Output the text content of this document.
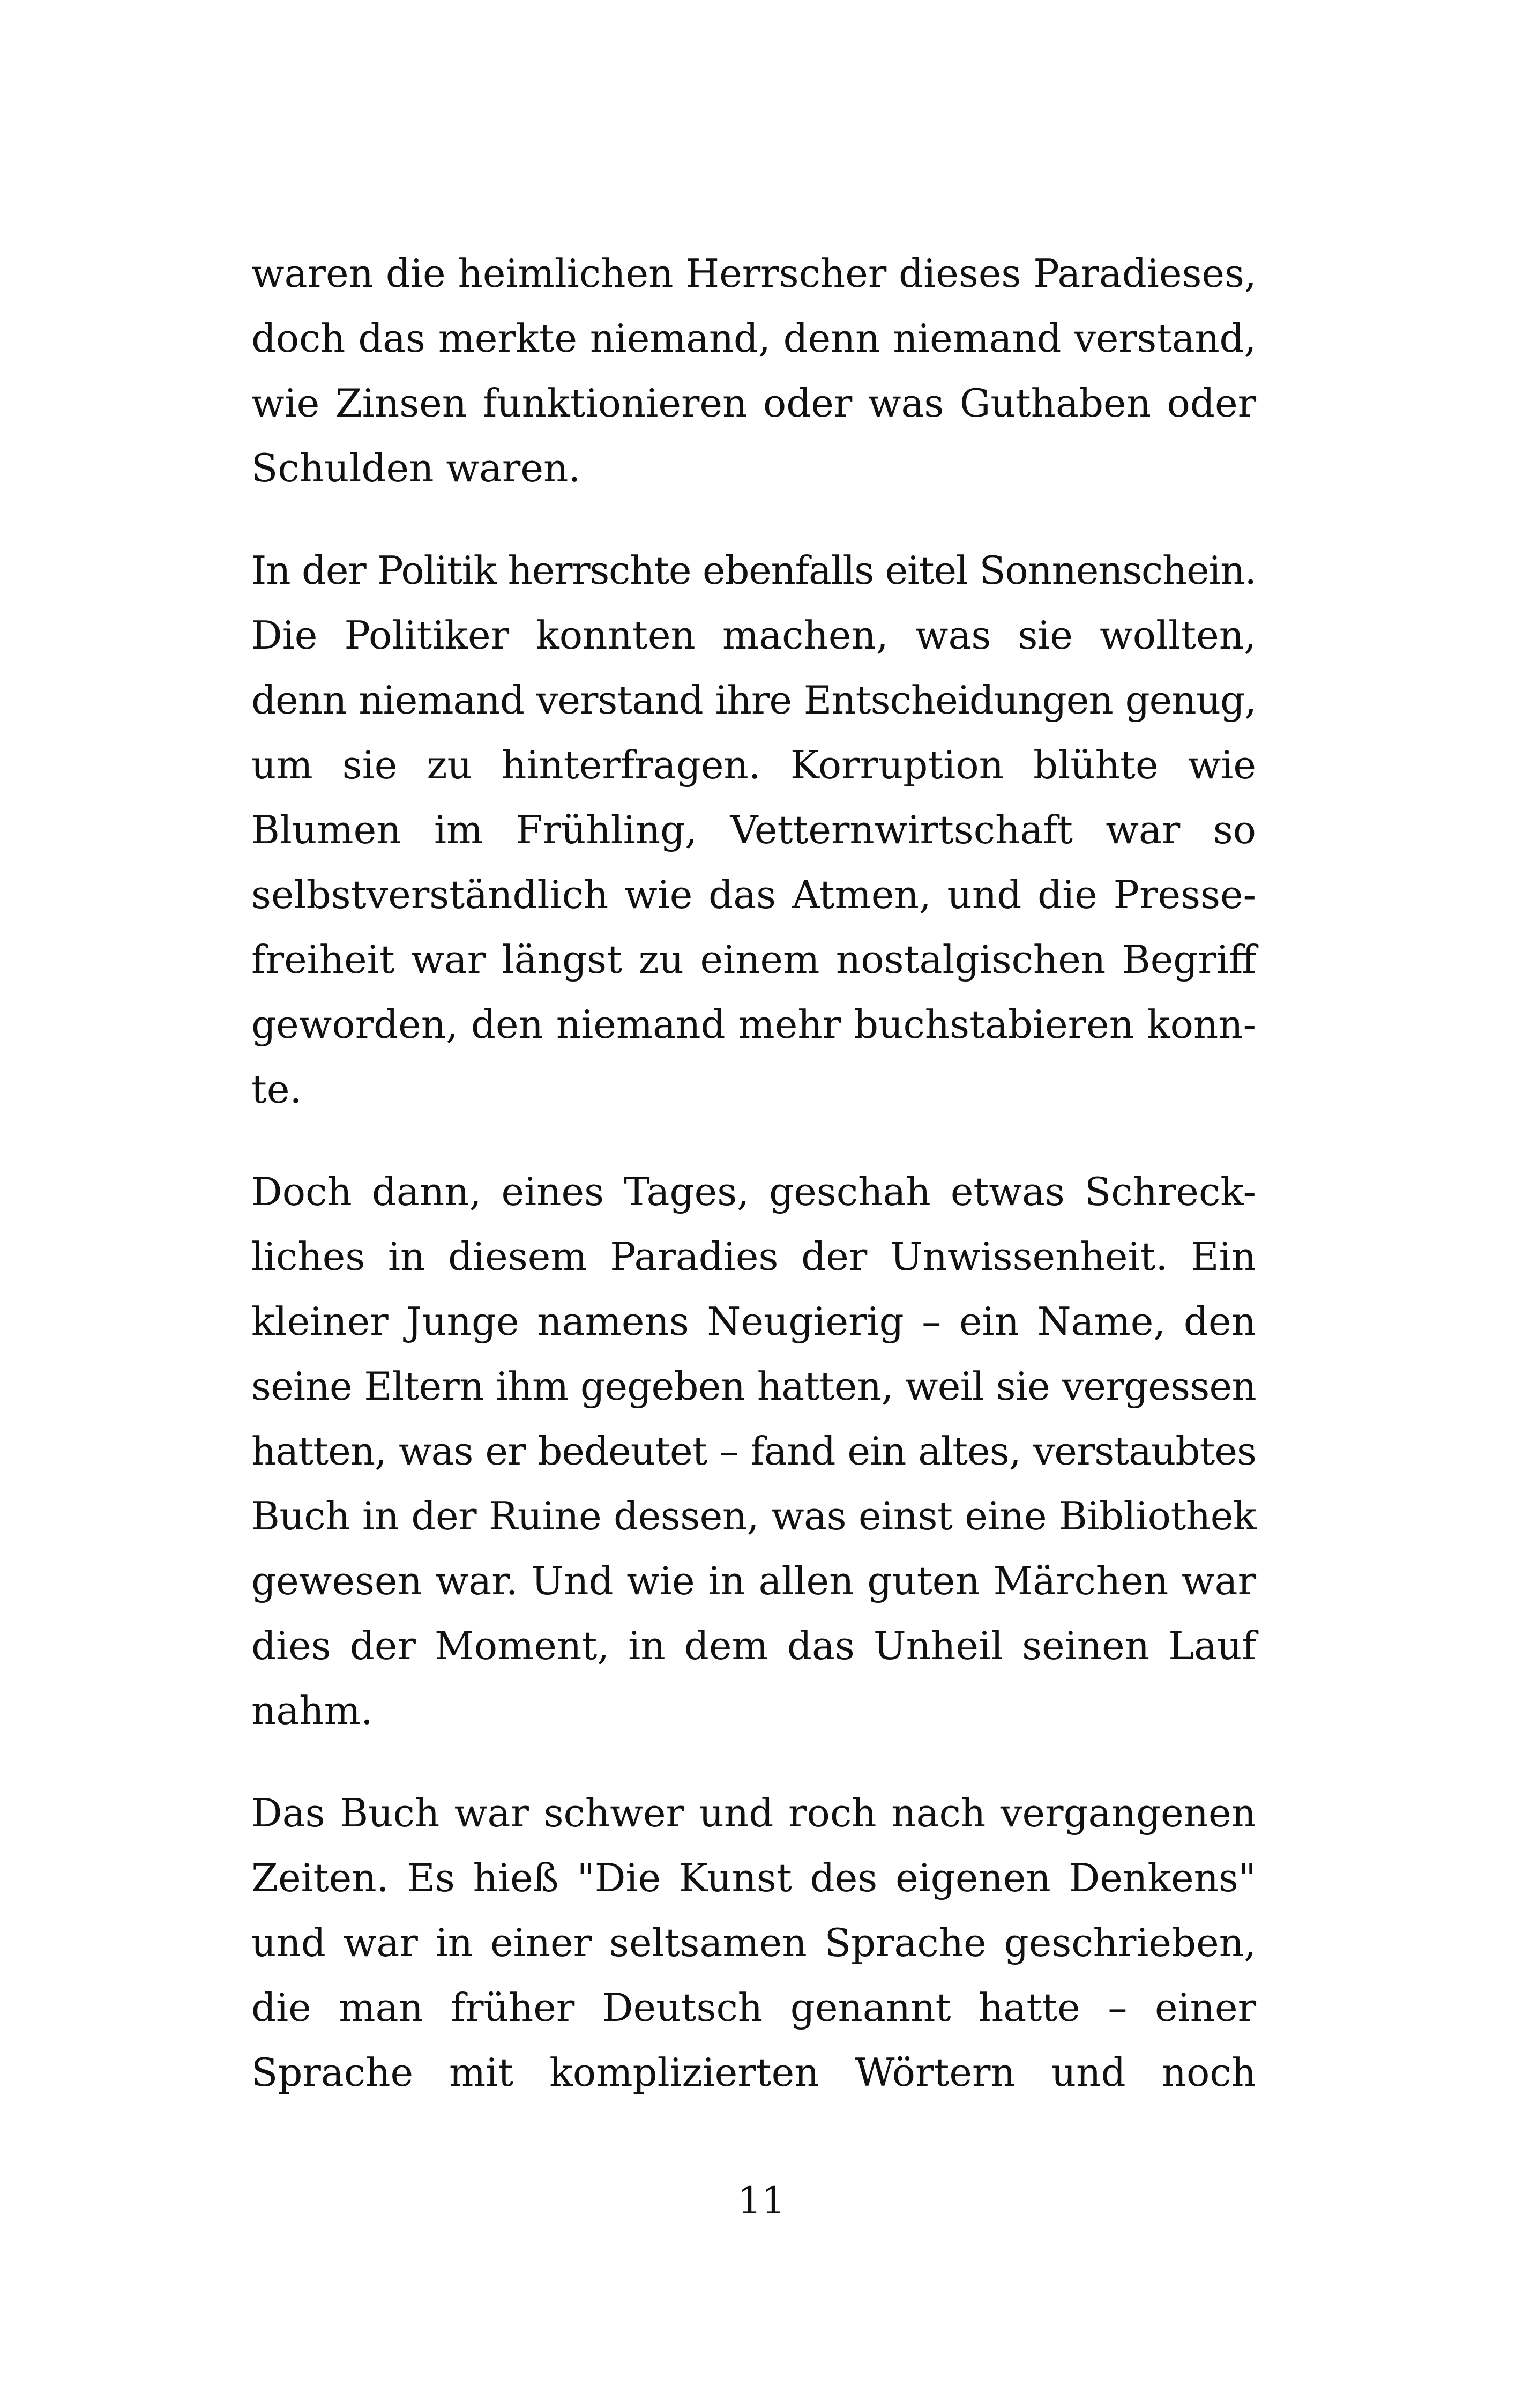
waren die heimlichen Herrscher dieses Paradieses,
doch das merkte niemand, denn niemand verstand,
wie Zinsen funktionieren oder was Guthaben oder
Schulden waren.
In der Politik herrschte ebenfalls eitel Sonnenschein.
Die Politiker konnten machen, was sie wollten,
denn niemand verstand ihre Entscheidungen genug,
um sie zu hinterfragen. Korruption blühte wie
Blumen im Frühling, Vetternwirtschaft war so
selbstverständlich wie das Atmen, und die Presse-
freiheit war längst zu einem nostalgischen Begriff
geworden, den niemand mehr buchstabieren konn-
te.
Doch dann, eines Tages, geschah etwas Schreck-
liches in diesem Paradies der Unwissenheit. Ein
kleiner Junge namens Neugierig – ein Name, den
seine Eltern ihm gegeben hatten, weil sie vergessen
hatten, was er bedeutet – fand ein altes, verstaubtes
Buch in der Ruine dessen, was einst eine Bibliothek
gewesen war. Und wie in allen guten Märchen war
dies der Moment, in dem das Unheil seinen Lauf
nahm.
Das Buch war schwer und roch nach vergangenen
Zeiten. Es hieß "Die Kunst des eigenen Denkens"
und war in einer seltsamen Sprache geschrieben,
die man früher Deutsch genannt hatte – einer
Sprache mit komplizierten Wörtern und noch
11
